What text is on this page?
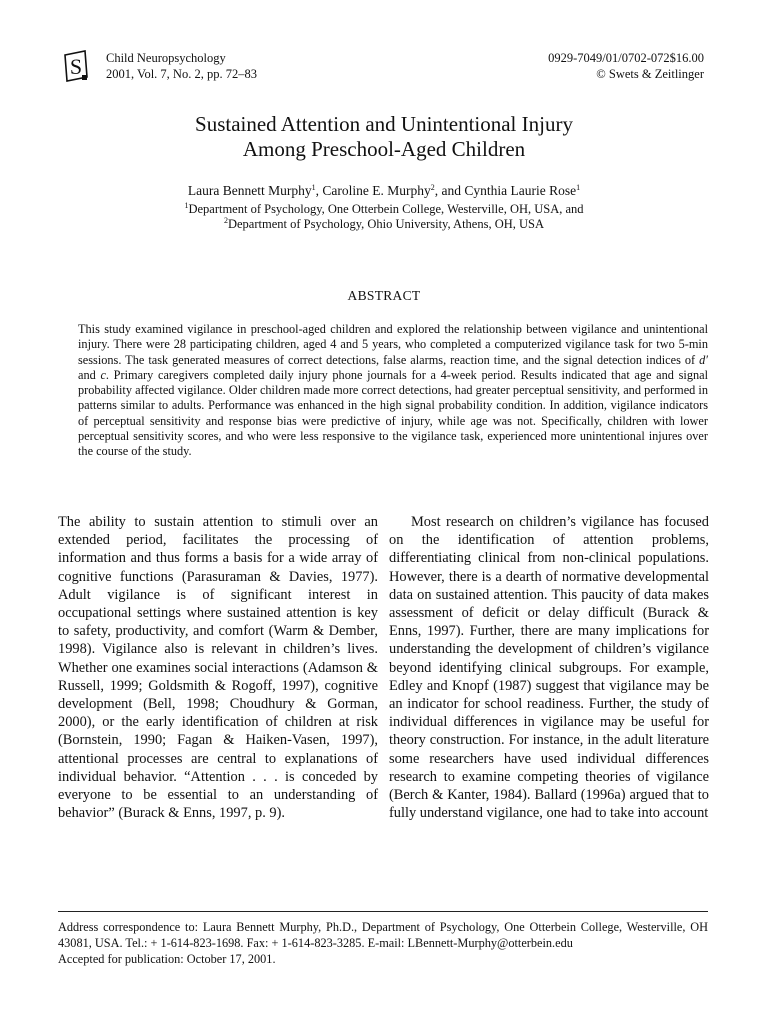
S Child Neuropsychology
2001, Vol. 7, No. 2, pp. 72–83
0929-7049/01/0702-072$16.00
© Swets & Zeitlinger
Sustained Attention and Unintentional Injury
Among Preschool-Aged Children
Laura Bennett Murphy$^1$, Caroline E. Murphy$^2$, and Cynthia Laurie Rose$^1$
$^1$Department of Psychology, One Otterbein College, Westerville, OH, USA, and
$^2$Department of Psychology, Ohio University, Athens, OH, USA
ABSTRACT

This study examined vigilance in preschool-aged children and explored the relationship between vigilance and unintentional injury. There were 28 participating children, aged 4 and 5 years, who completed a computerized vigilance task for two 5-min sessions. The task generated measures of correct detections, false alarms, reaction time, and the signal detection indices of d′ and c. Primary caregivers completed daily injury phone journals for a 4-week period. Results indicated that age and signal probability affected vigilance. Older children made more correct detections, had greater perceptual sensitivity, and performed in patterns similar to adults. Performance was enhanced in the high signal probability condition. In addition, vigilance indicators of perceptual sensitivity and response bias were predictive of injury, while age was not. Specifically, children with lower perceptual sensitivity scores, and who were less responsive to the vigilance task, experienced more unintentional injures over the course of the study.

The ability to sustain attention to stimuli over an extended period, facilitates the processing of information and thus forms a basis for a wide array of cognitive functions (Parasuraman & Davies, 1977). Adult vigilance is of significant interest in occupational settings where sustained attention is key to safety, productivity, and comfort (Warm & Dember, 1998). Vigilance also is relevant in children’s lives. Whether one examines social interactions (Adamson & Russell, 1999; Goldsmith & Rogoff, 1997), cognitive development (Bell, 1998; Choudhury & Gorman, 2000), or the early identification of children at risk (Bornstein, 1990; Fagan & Haiken-Vasen, 1997), attentional processes are central to explanations of individual behavior. “Attention . . . is conceded by everyone to be essential to an understanding of behavior” (Burack & Enns, 1997, p. 9).

Most research on children’s vigilance has focused on the identification of attention problems, differentiating clinical from non-clinical populations. However, there is a dearth of normative developmental data on sustained attention. This paucity of data makes assessment of deficit or delay difficult (Burack & Enns, 1997). Further, there are many implications for understanding the development of children’s vigilance beyond identifying clinical subgroups. For example, Edley and Knopf (1987) suggest that vigilance may be an indicator for school readiness. Further, the study of individual differences in vigilance may be useful for theory construction. For instance, in the adult literature some researchers have used individual differences research to examine competing theories of vigilance (Berch & Kanter, 1984). Ballard (1996a) argued that to fully understand vigilance, one had to take into account

Address correspondence to: Laura Bennett Murphy, Ph.D., Department of Psychology, One Otterbein College, Westerville, OH 43081, USA. Tel.: + 1-614-823-1698. Fax: + 1-614-823-3285. E-mail: LBennett-Murphy@otterbein.edu
Accepted for publication: October 17, 2001.
